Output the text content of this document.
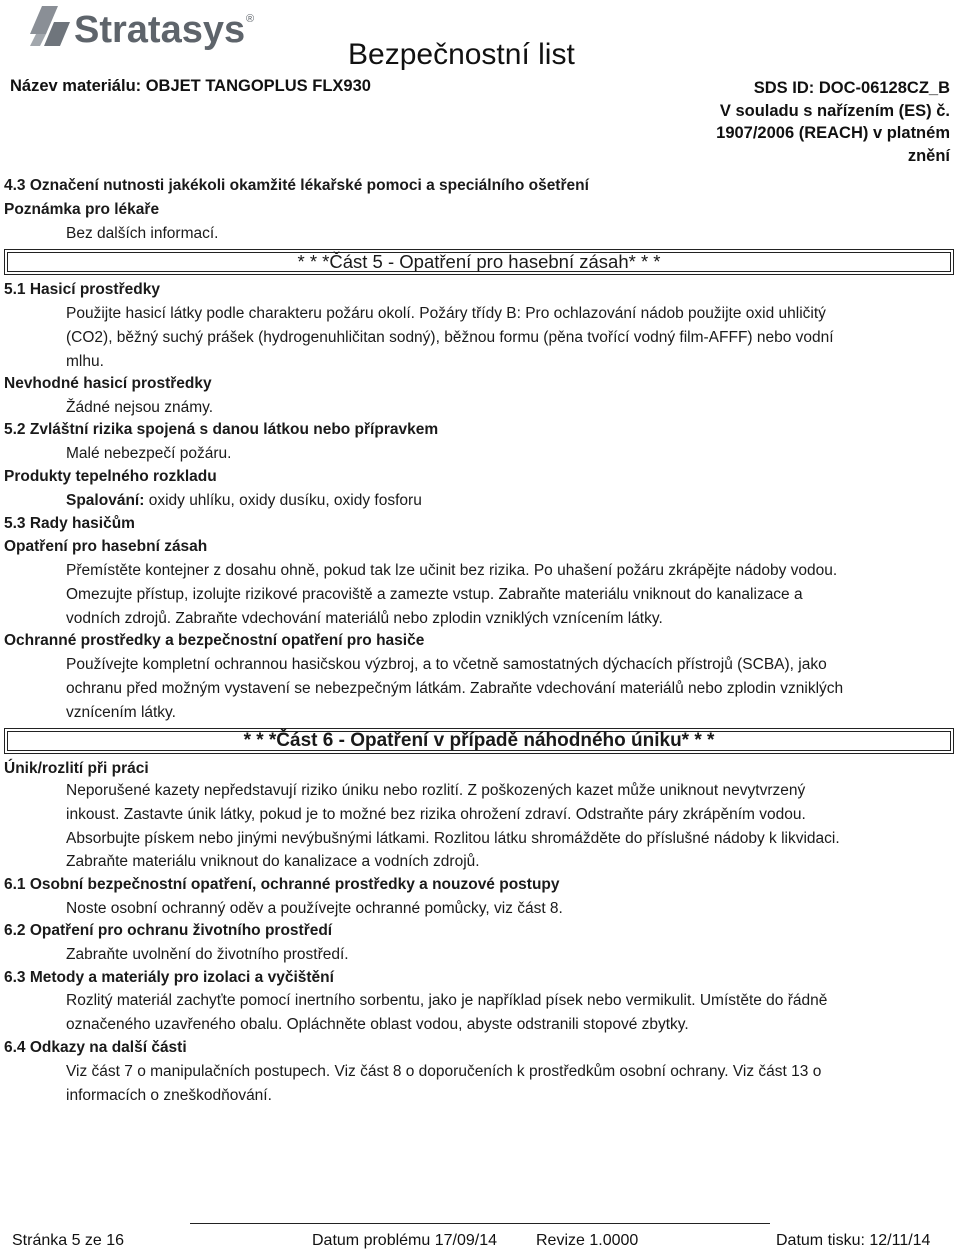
Stratasys ®
Bezpečnostní list
Název materiálu: OBJET TANGOPLUS FLX930	SDS ID: DOC-06128CZ_B
V souladu s nařízením (ES) č.
1907/2006 (REACH) v platném
znění
4.3 Označení nutnosti jakékoli okamžité lékařské pomoci a speciálního ošetření
Poznámka pro lékaře
Bez dalších informací.
* * *Část 5 - Opatření pro hasební zásah* * *
5.1 Hasicí prostředky
Použijte hasicí látky podle charakteru požáru okolí. Požáry třídy B: Pro ochlazování nádob použijte oxid uhličitý
(CO2), běžný suchý prášek (hydrogenuhličitan sodný), běžnou formu (pěna tvořící vodný film-AFFF) nebo vodní
mlhu.
Nevhodné hasicí prostředky
Žádné nejsou známy.
5.2 Zvláštní rizika spojená s danou látkou nebo přípravkem
Malé nebezpečí požáru.
Produkty tepelného rozkladu
Spalování: oxidy uhlíku, oxidy dusíku, oxidy fosforu
5.3 Rady hasičům
Opatření pro hasební zásah
Přemístěte kontejner z dosahu ohně, pokud tak lze učinit bez rizika. Po uhašení požáru zkrápějte nádoby vodou.
Omezujte přístup, izolujte rizikové pracoviště a zamezte vstup. Zabraňte materiálu vniknout do kanalizace a
vodních zdrojů. Zabraňte vdechování materiálů nebo zplodin vzniklých vznícením látky.
Ochranné prostředky a bezpečnostní opatření pro hasiče
Používejte kompletní ochrannou hasičskou výzbroj, a to včetně samostatných dýchacích přístrojů (SCBA), jako
ochranu před možným vystavení se nebezpečným látkám. Zabraňte vdechování materiálů nebo zplodin vzniklých
vznícením látky.
* * *Část 6 - Opatření v případě náhodného úniku* * *
Únik/rozlití při práci
Neporušené kazety nepředstavují riziko úniku nebo rozlití. Z poškozených kazet může uniknout nevytvrzený
inkoust. Zastavte únik látky, pokud je to možné bez rizika ohrožení zdraví. Odstraňte páry zkrápěním vodou.
Absorbujte pískem nebo jinými nevýbušnými látkami. Rozlitou látku shromážděte do příslušné nádoby k likvidaci.
Zabraňte materiálu vniknout do kanalizace a vodních zdrojů.
6.1 Osobní bezpečnostní opatření, ochranné prostředky a nouzové postupy
Noste osobní ochranný oděv a používejte ochranné pomůcky, viz část 8.
6.2 Opatření pro ochranu životního prostředí
Zabraňte uvolnění do životního prostředí.
6.3 Metody a materiály pro izolaci a vyčištění
Rozlitý materiál zachyťte pomocí inertního sorbentu, jako je například písek nebo vermikulit. Umístěte do řádně
označeného uzavřeného obalu. Opláchněte oblast vodou, abyste odstranili stopové zbytky.
6.4 Odkazy na další části
Viz část 7 o manipulačních postupech. Viz část 8 o doporučeních k prostředkům osobní ochrany. Viz část 13 o
informacích o zneškodňování.
Stránka 5 ze 16	Datum problému 17/09/14 Revize 1.0000	Datum tisku: 12/11/14
